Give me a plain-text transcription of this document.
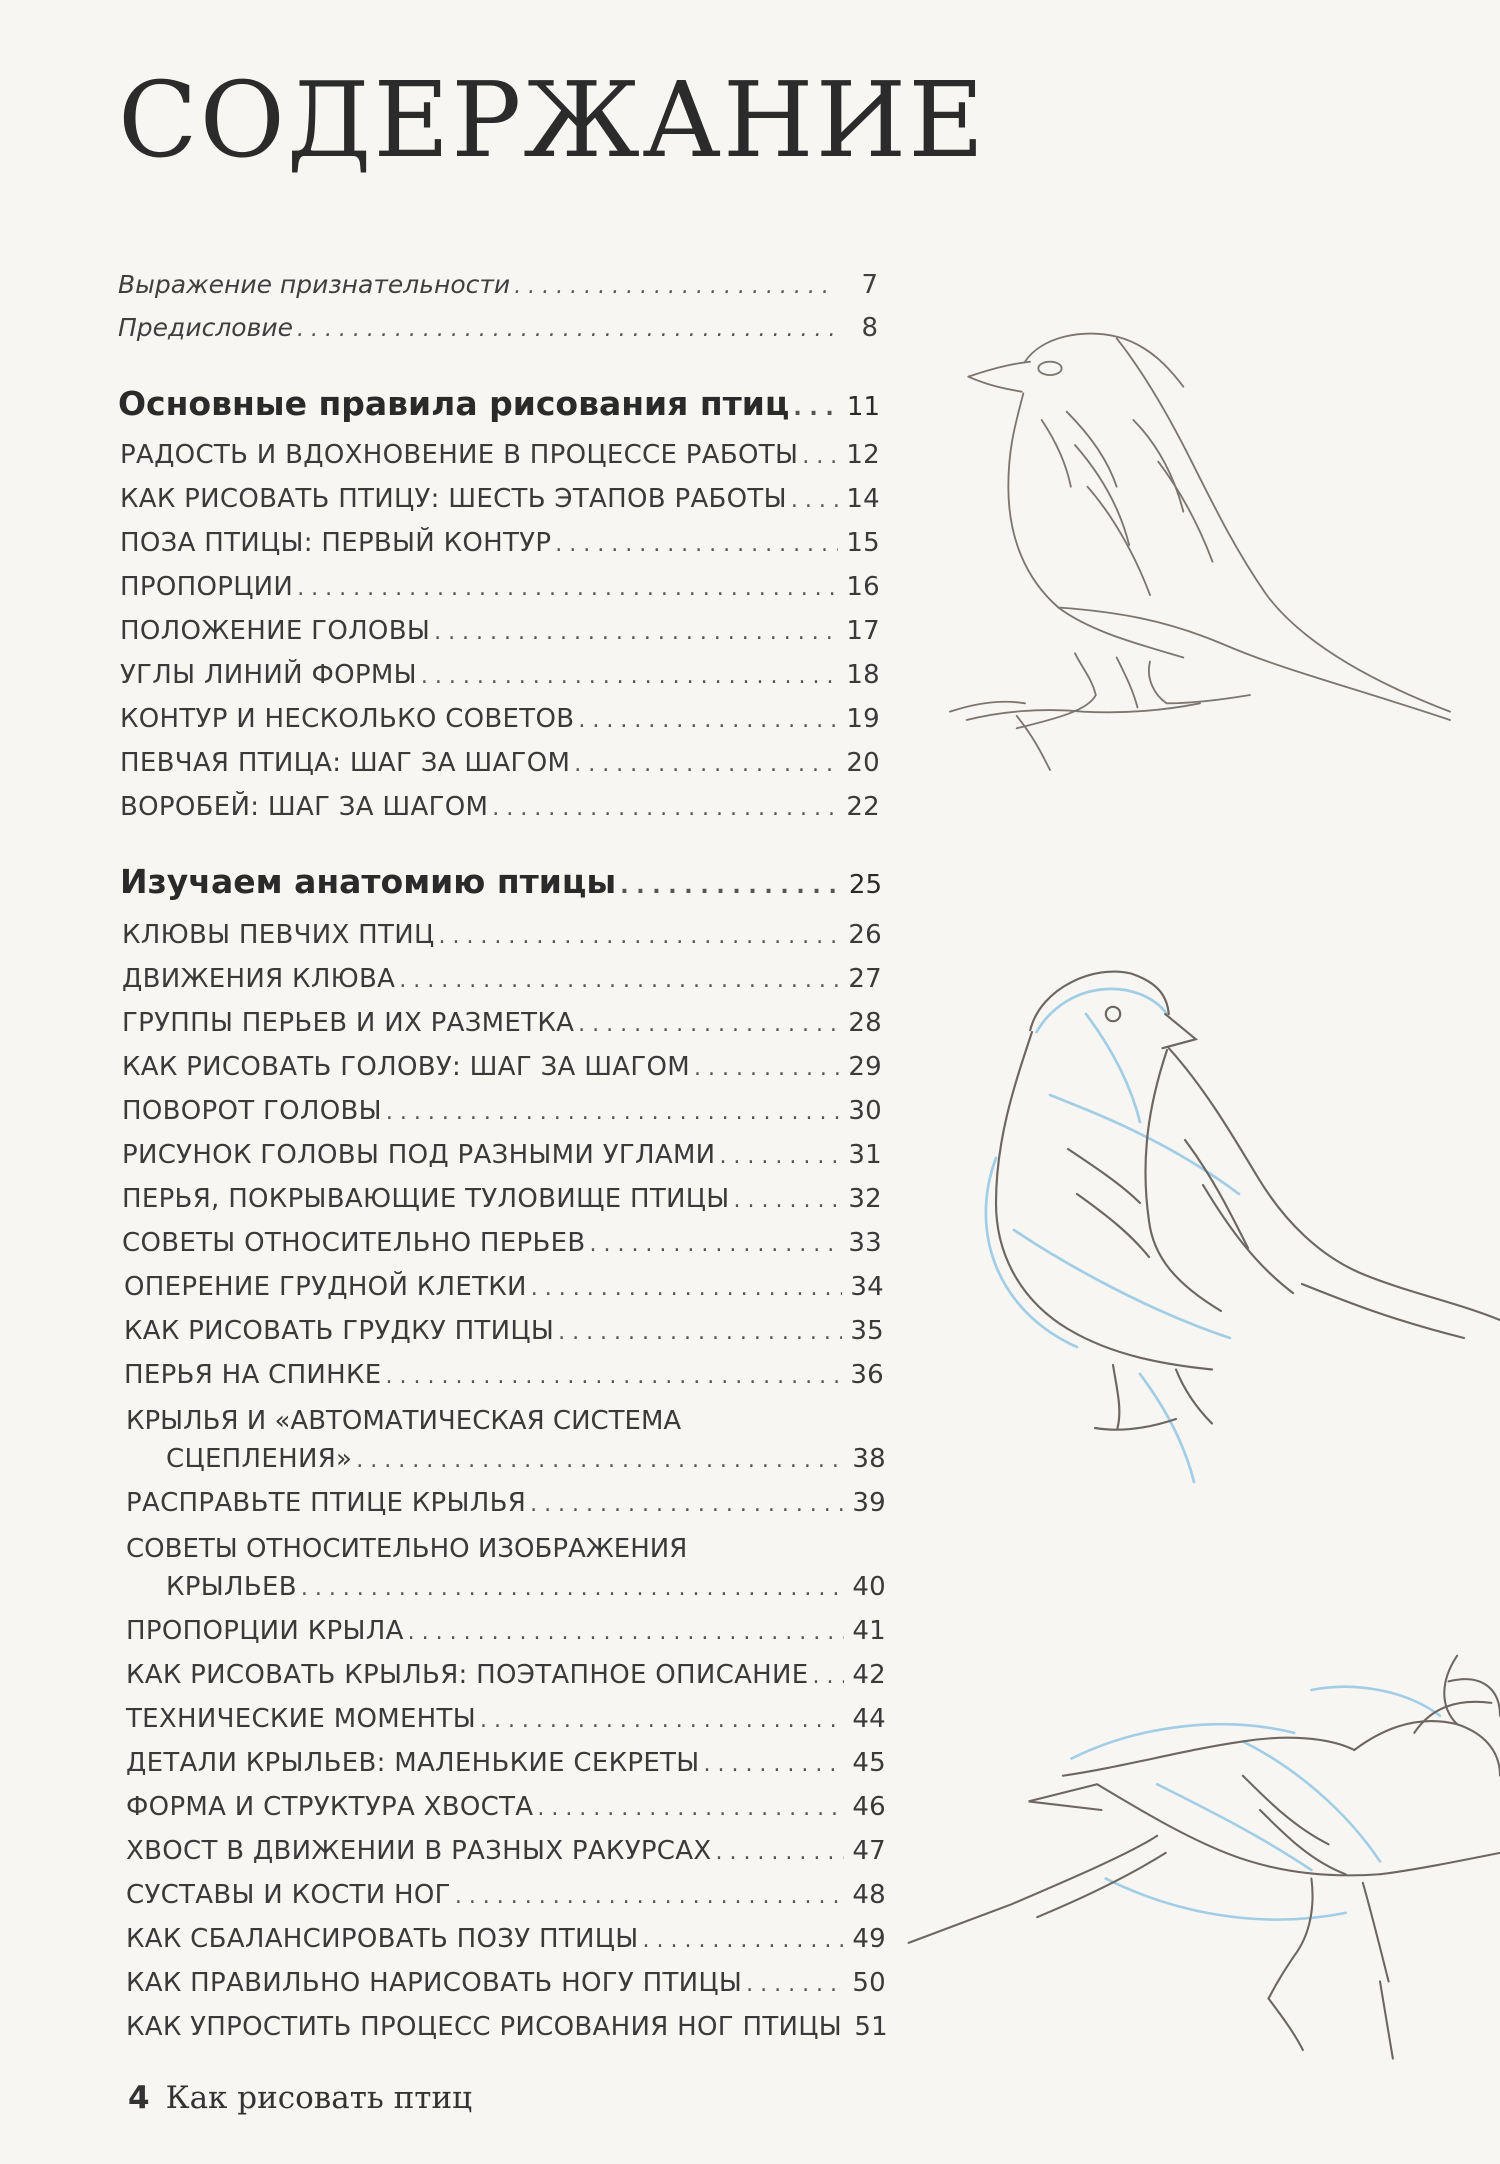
СОДЕРЖАНИЕ
Выражение признательности . . .	7
Предисловие . . .	8
Основные правила рисования птиц . . . 11
РАДОСТЬ И ВДОХНОВЕНИЕ В ПРОЦЕССЕ РАБОТЫ . . . 12
КАК РИСОВАТЬ ПТИЦУ: ШЕСТЬ ЭТАПОВ РАБОТЫ . . . 14
ПОЗА ПТИЦЫ: ПЕРВЫЙ КОНТУР . . .	15
ПРОПОРЦИИ . . .	16
ПОЛОЖЕНИЕ ГОЛОВЫ . . .	17
УГЛЫ ЛИНИЙ ФОРМЫ . . .	18
КОНТУР И НЕСКОЛЬКО СОВЕТОВ . . .	19
ПЕВЧАЯ ПТИЦА: ШАГ ЗА ШАГОМ . . .	20
ВОРОБЕЙ: ШАГ ЗА ШАГОМ . . .	22
Изучаем анатомию птицы . . .	25
КЛЮВЫ ПЕВЧИХ ПТИЦ . . .	26
ДВИЖЕНИЯ КЛЮВА . . .	27
ГРУППЫ ПЕРЬЕВ И ИХ РАЗМЕТКА . . .	28
КАК РИСОВАТЬ ГОЛОВУ: ШАГ ЗА ШАГОМ . . .	29
ПОВОРОТ ГОЛОВЫ . . .	30
РИСУНОК ГОЛОВЫ ПОД РАЗНЫМИ УГЛАМИ . . .	31
ПЕРЬЯ, ПОКРЫВАЮЩИЕ ТУЛОВИЩЕ ПТИЦЫ . . .	32
СОВЕТЫ ОТНОСИТЕЛЬНО ПЕРЬЕВ . . .	33
ОПЕРЕНИЕ ГРУДНОЙ КЛЕТКИ . . .	34
КАК РИСОВАТЬ ГРУДКУ ПТИЦЫ . . .	35
ПЕРЬЯ НА СПИНКЕ . . .	36
КРЫЛЬЯ И «АВТОМАТИЧЕСКАЯ СИСТЕМА
СЦЕПЛЕНИЯ» . . .	38
РАСПРАВЬТЕ ПТИЦЕ КРЫЛЬЯ . . .	39
СОВЕТЫ ОТНОСИТЕЛЬНО ИЗОБРАЖЕНИЯ
КРЫЛЬЕВ . . .	40
ПРОПОРЦИИ КРЫЛА . . .	41
КАК РИСОВАТЬ КРЫЛЬЯ: ПОЭТАПНОЕ ОПИСАНИЕ . . . 42
ТЕХНИЧЕСКИЕ МОМЕНТЫ . . .	44
ДЕТАЛИ КРЫЛЬЕВ: МАЛЕНЬКИЕ СЕКРЕТЫ . . .	45
ФОРМА И СТРУКТУРА ХВОСТА . . .	46
ХВОСТ В ДВИЖЕНИИ В РАЗНЫХ РАКУРСАХ . . .	47
СУСТАВЫ И КОСТИ НОГ . . .	48
КАК СБАЛАНСИРОВАТЬ ПОЗУ ПТИЦЫ . . .	49
КАК ПРАВИЛЬНО НАРИСОВАТЬ НОГУ ПТИЦЫ . . .	50
КАК УПРОСТИТЬ ПРОЦЕСС РИСОВАНИЯ НОГ ПТИЦЫ 51
4 Как рисовать птиц
